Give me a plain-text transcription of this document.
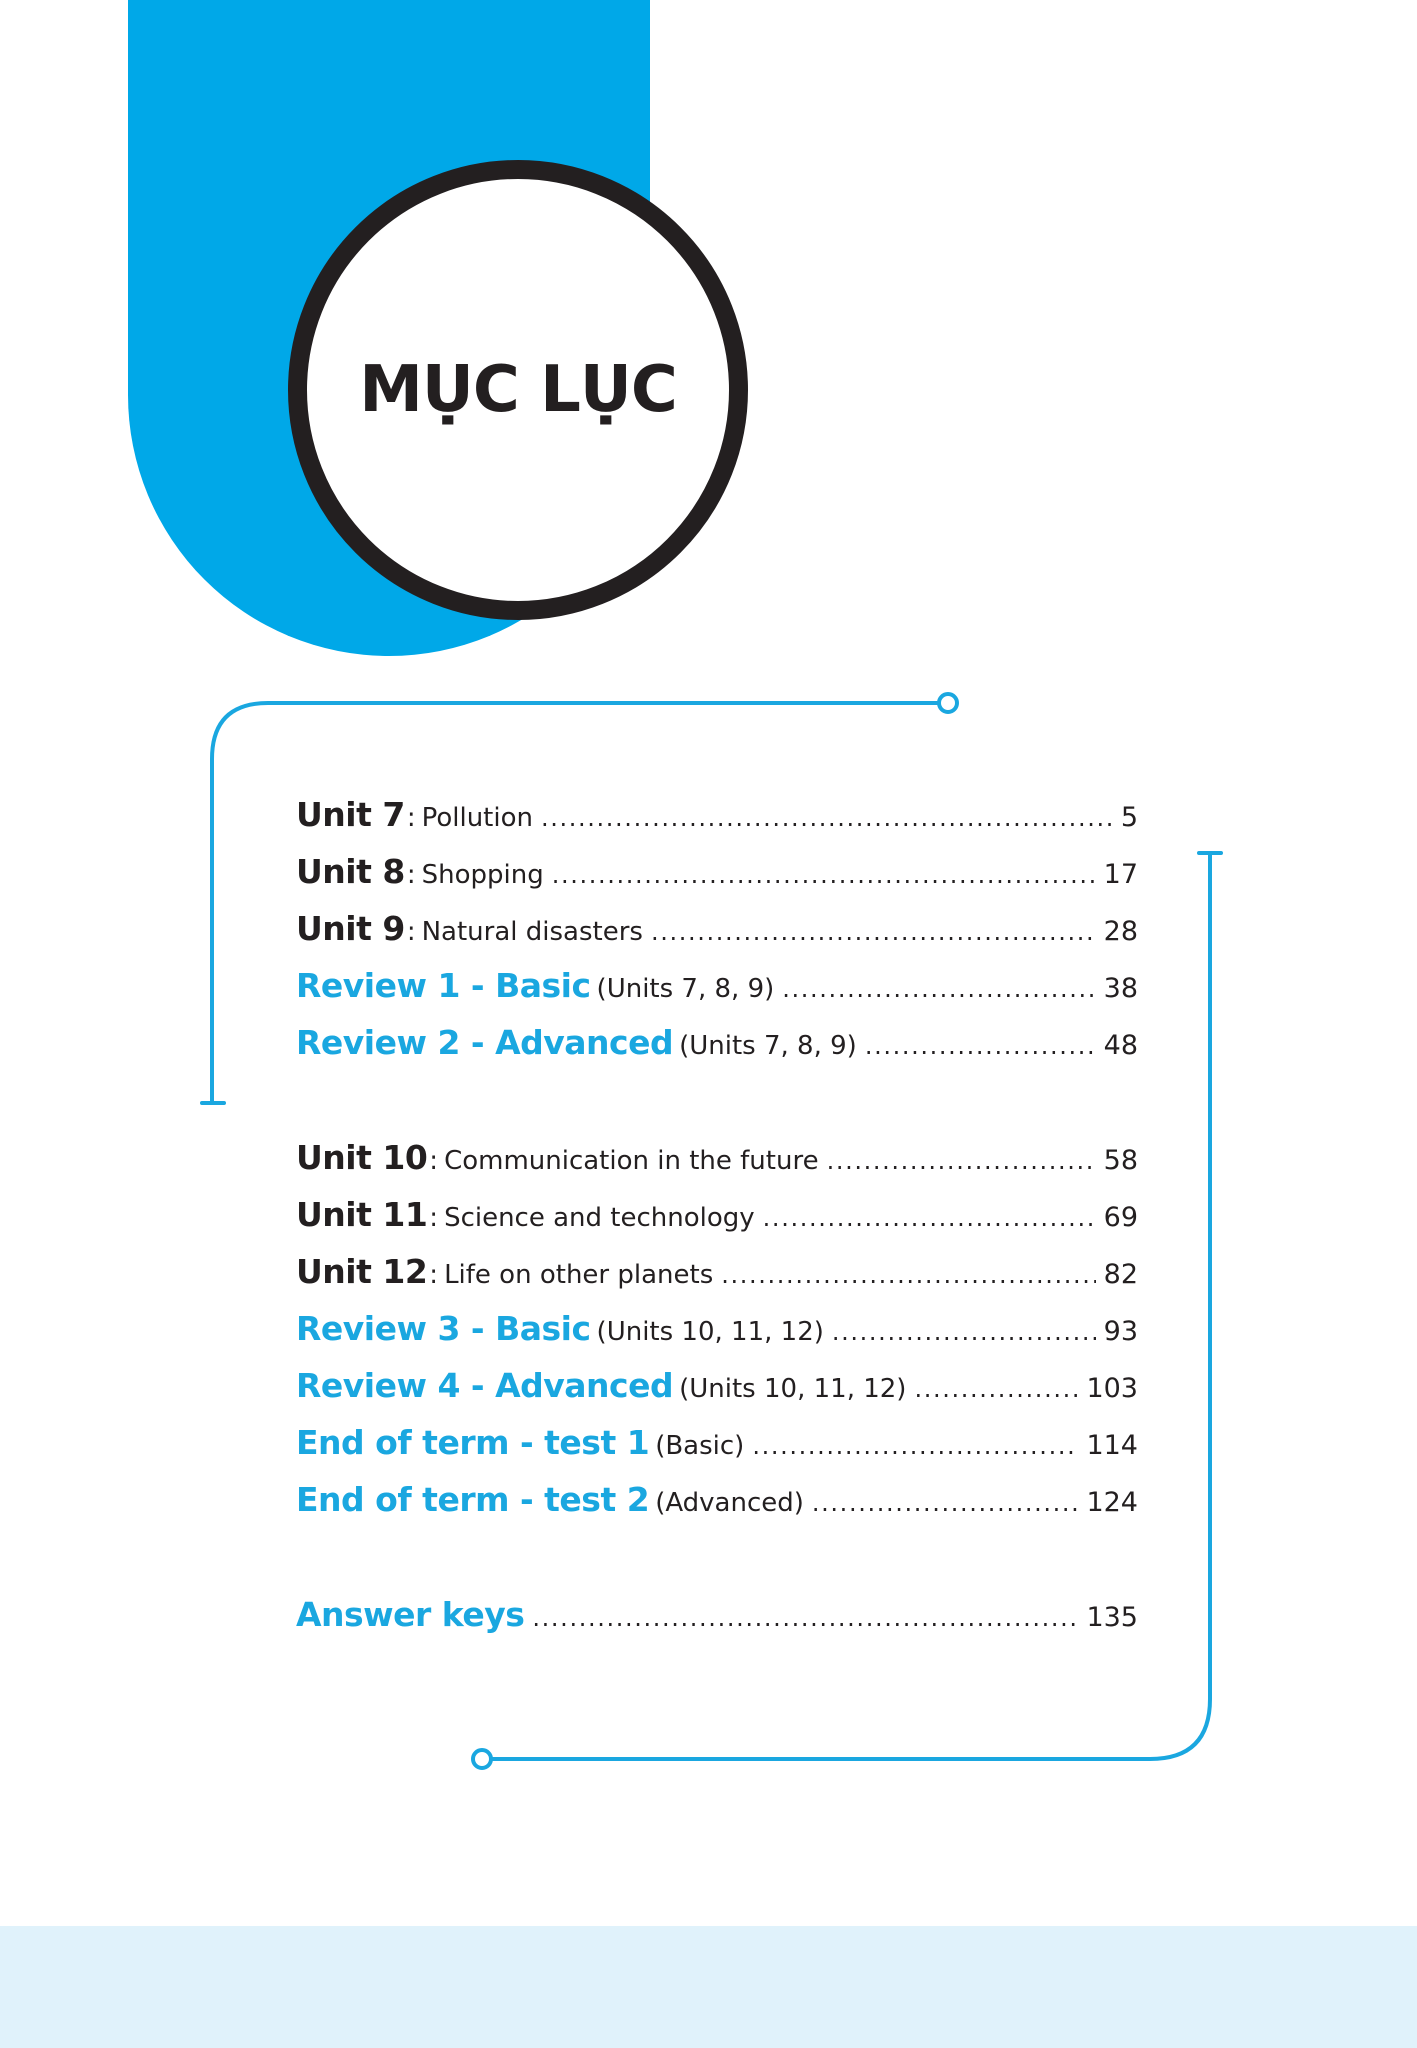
MỤC LỤC
Unit 7 : Pollution . . .	5
Unit 8 : Shopping . . .	17
Unit 9 : Natural disasters . . .	28
Review 1 - Basic (Units 7, 8, 9) . . .	38
Review 2 - Advanced (Units 7, 8, 9) . . .	48
Unit 10 : Communication in the future . . .	58
Unit 11 : Science and technology . . .	69
Unit 12 : Life on other planets . . .	82
Review 3 - Basic (Units 10, 11, 12) . . .	93
Review 4 - Advanced (Units 10, 11, 12) . . .	103
End of term - test 1 (Basic) . . .	114
End of term - test 2 (Advanced) . . .	124
Answer keys . . .	135
